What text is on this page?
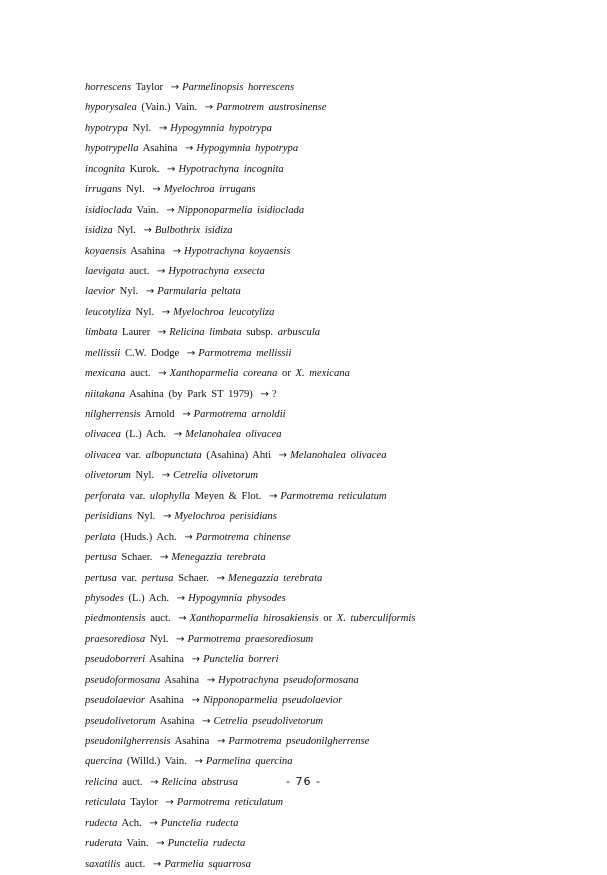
horrescens Taylor → Parmelinopsis horrescens
hyporysalea (Vain.) Vain. → Parmotrem austrosinense
hypotrypa Nyl. → Hypogymnia hypotrypa
hypotrypella Asahina → Hypogymnia hypotrypa
incognita Kurok. → Hypotrachyna incognita
irrugans Nyl. → Myelochroa irrugans
isidioclada Vain. → Nipponoparmelia isidioclada
isidiza Nyl. → Bulbothrix isidiza
koyaensis Asahina → Hypotrachyna koyaensis
laevigata auct. → Hypotrachyna exsecta
laevior Nyl. → Parmularia peltata
leucotyliza Nyl. → Myelochroa leucotyliza
limbata Laurer → Relicina limbata subsp. arbuscula
mellissii C.W. Dodge → Parmotrema mellissii
mexicana auct. → Xanthoparmelia coreana or X. mexicana
niitakana Asahina (by Park ST 1979) → ?
nilgherrensis Arnold → Parmotrema arnoldii
olivacea (L.) Ach. → Melanohalea olivacea
olivacea var. albopunctata (Asahina) Ahti → Melanohalea olivacea
olivetorum Nyl. → Cetrelia olivetorum
perforata var. ulophylla Meyen & Flot. → Parmotrema reticulatum
perisidians Nyl. → Myelochroa perisidians
perlata (Huds.) Ach. → Parmotrema chinense
pertusa Schaer. → Menegazzia terebrata
pertusa var. pertusa Schaer. → Menegazzia terebrata
physodes (L.) Ach. → Hypogymnia physodes
piedmontensis auct. → Xanthoparmelia hirosakiensis or X. tuberculiformis
praesorediosa Nyl. → Parmotrema praesorediosum
pseudoborreri Asahina → Punctelia borreri
pseudoformosana Asahina → Hypotrachyna pseudoformosana
pseudolaevior Asahina → Nipponoparmelia pseudolaevior
pseudolivetorum Asahina → Cetrelia pseudolivetorum
pseudonilgherrensis Asahina → Parmotrema pseudonilgherrense
quercina (Willd.) Vain. → Parmelina quercina
relicina auct. → Relicina abstrusa
reticulata Taylor → Parmotrema reticulatum
rudecta Ach. → Punctelia rudecta
ruderata Vain. → Punctelia rudecta
saxatilis auct. → Parmelia squarrosa
- 76 -
